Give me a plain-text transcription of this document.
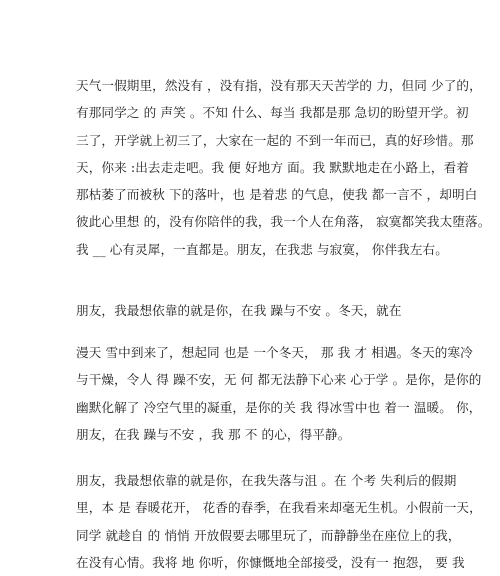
天气一假期里，然没有 ，没有指，没有那天天苦学的 力，但同 少了的，
有那同学之 的 声笑 。不知 什么、每当 我都是那 急切的盼望开学。初
三了，开学就上初三了，大家在一起的 不到一年而已，真的好珍惜。那
天，你来 :出去走走吧。我 便 好地方 面。我 默默地走在小路上，看着
那枯萎了而被秋 下的落叶，也 是着悲 的气息，使我 都一言不 ，却明白
彼此心里想 的，没有你陪伴的我，我一个人在角落， 寂寞都笑我太堕落。
我 __ 心有灵犀，一直都是。朋友，在我悲 与寂寞， 你伴我左右。
朋友，我最想依靠的就是你，在我 躁与不安 。冬天，就在
漫天 雪中到来了，想起同 也是 一个冬天， 那 我 才 相遇。冬天的寒冷
与干燥，令人 得 躁不安，无 何 都无法静下心来 心于学 。是你，是你的
幽默化解了 冷空气里的凝重，是你的关 我 得冰雪中也 着一 温暖。 你，
朋友，在我 躁与不安 ，我 那 不 的心，得平静。
朋友，我最想依靠的就是你，在我失落与沮 。在 个考 失利后的假期
里，本 是 春暖花开， 花香的春季，在我看来却毫无生机。小假前一天，
同学 就趁自 的 悄悄 开放假要去哪里玩了，而静静坐在座位上的我，
在没有心情。我将 地 你听，你慷慨地全部接受，没有一 抱怨， 要 我
